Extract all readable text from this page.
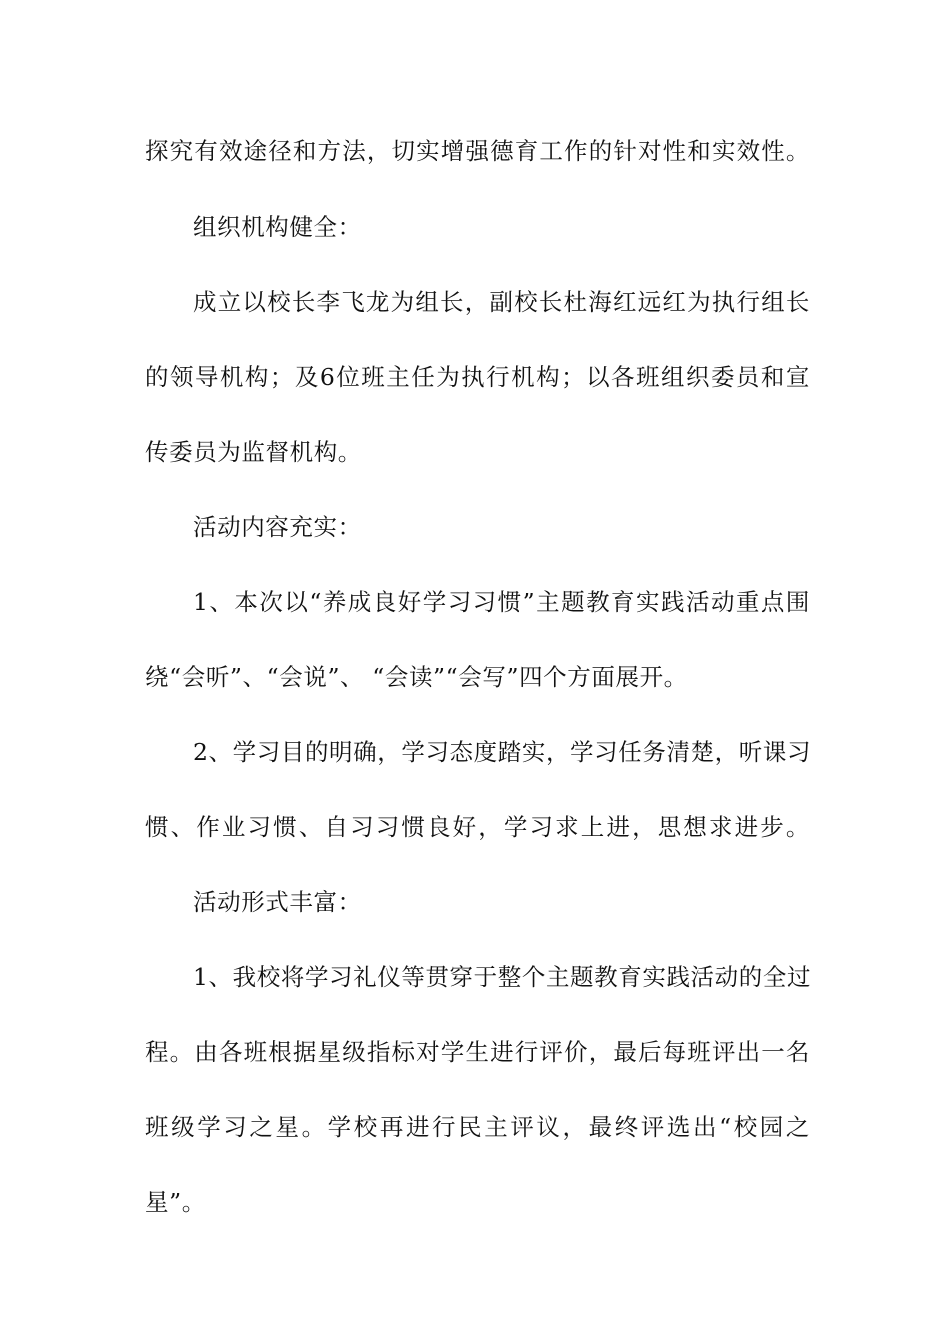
探究有效途径和方法，切实增强德育工作的针对性和实效性。
组织机构健全：
成立以校长李飞龙为组长，副校长杜海红远红为执行组长
的领导机构；及6位班主任为执行机构；以各班组织委员和宣
传委员为监督机构。
活动内容充实：
1、本次以“养成良好学习习惯”主题教育实践活动重点围
绕“会听”、“会说”、 “会读”“会写”四个方面展开。
2、学习目的明确，学习态度踏实，学习任务清楚，听课习
惯、作业习惯、自习习惯良好，学习求上进，思想求进步。
活动形式丰富：
1、我校将学习礼仪等贯穿于整个主题教育实践活动的全过
程。由各班根据星级指标对学生进行评价，最后每班评出一名
班级学习之星。学校再进行民主评议，最终评选出“校园之
星”。
